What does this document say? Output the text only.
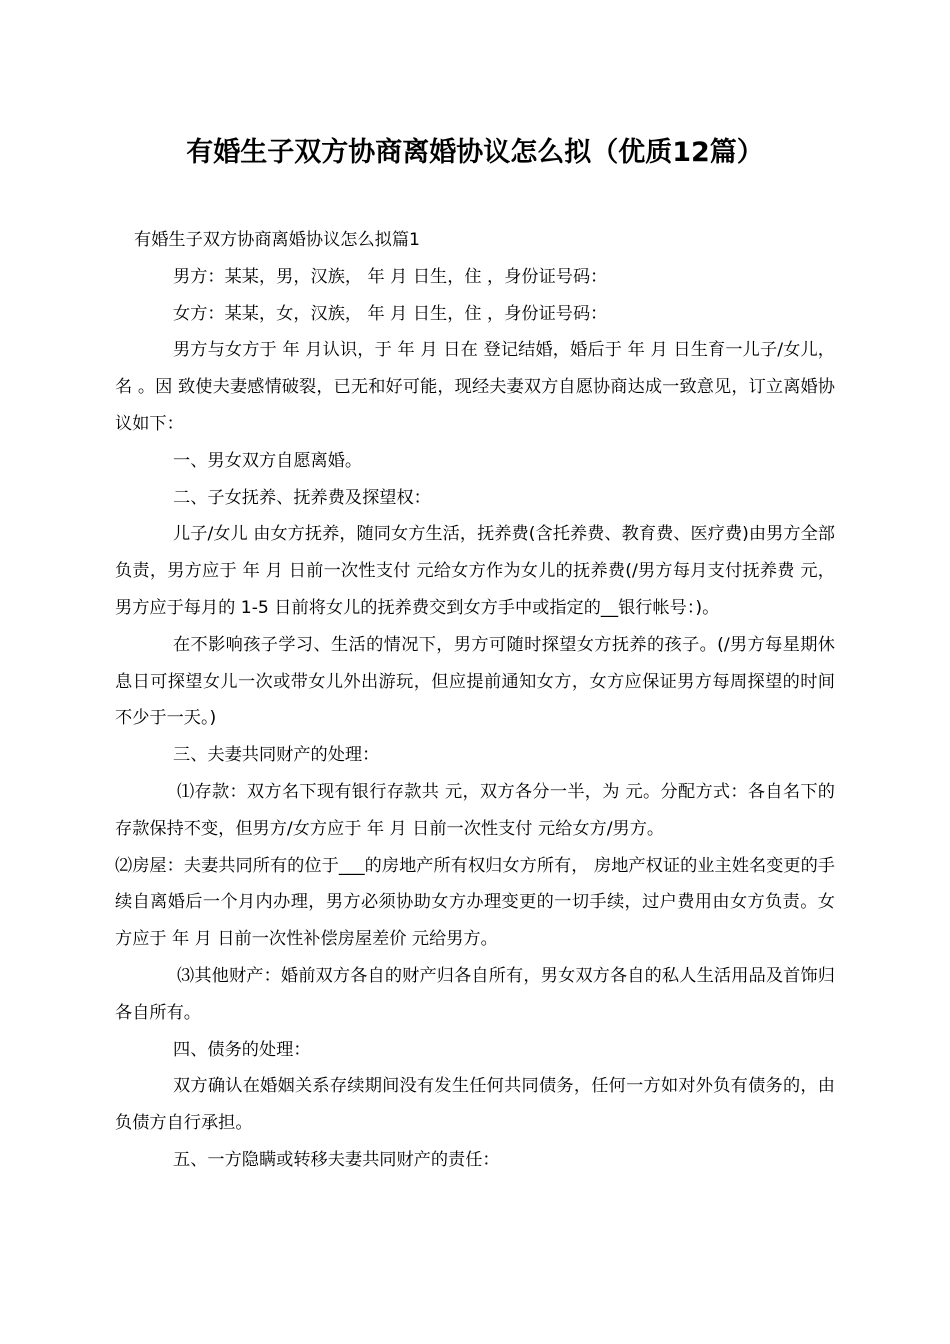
有婚生子双方协商离婚协议怎么拟（优质12篇）

有婚生子双方协商离婚协议怎么拟篇1

男方：某某，男，汉族， 年 月 日生，住 ，身份证号码：

女方：某某，女，汉族， 年 月 日生，住 ，身份证号码：

男方与女方于 年 月认识，于 年 月 日在 登记结婚，婚后于 年 月 日生育一儿子/女儿，名 。因 致使夫妻感情破裂，已无和好可能，现经夫妻双方自愿协商达成一致意见，订立离婚协议如下：

一、男女双方自愿离婚。

二、子女抚养、抚养费及探望权：

儿子/女儿 由女方抚养，随同女方生活，抚养费(含托养费、教育费、医疗费)由男方全部负责，男方应于 年 月 日前一次性支付 元给女方作为女儿的抚养费(/男方每月支付抚养费 元，男方应于每月的 1-5 日前将女儿的抚养费交到女方手中或指定的__银行帐号：)。

在不影响孩子学习、生活的情况下，男方可随时探望女方抚养的孩子。(/男方每星期休息日可探望女儿一次或带女儿外出游玩，但应提前通知女方，女方应保证男方每周探望的时间不少于一天。)

三、夫妻共同财产的处理：

⑴存款：双方名下现有银行存款共 元，双方各分一半，为 元。分配方式：各自名下的存款保持不变，但男方/女方应于 年 月 日前一次性支付 元给女方/男方。

⑵房屋：夫妻共同所有的位于___的房地产所有权归女方所有， 房地产权证的业主姓名变更的手续自离婚后一个月内办理，男方必须协助女方办理变更的一切手续，过户费用由女方负责。女方应于 年 月 日前一次性补偿房屋差价 元给男方。

⑶其他财产：婚前双方各自的财产归各自所有，男女双方各自的私人生活用品及首饰归各自所有。

四、债务的处理：

双方确认在婚姻关系存续期间没有发生任何共同债务，任何一方如对外负有债务的，由负债方自行承担。

五、一方隐瞒或转移夫妻共同财产的责任：
